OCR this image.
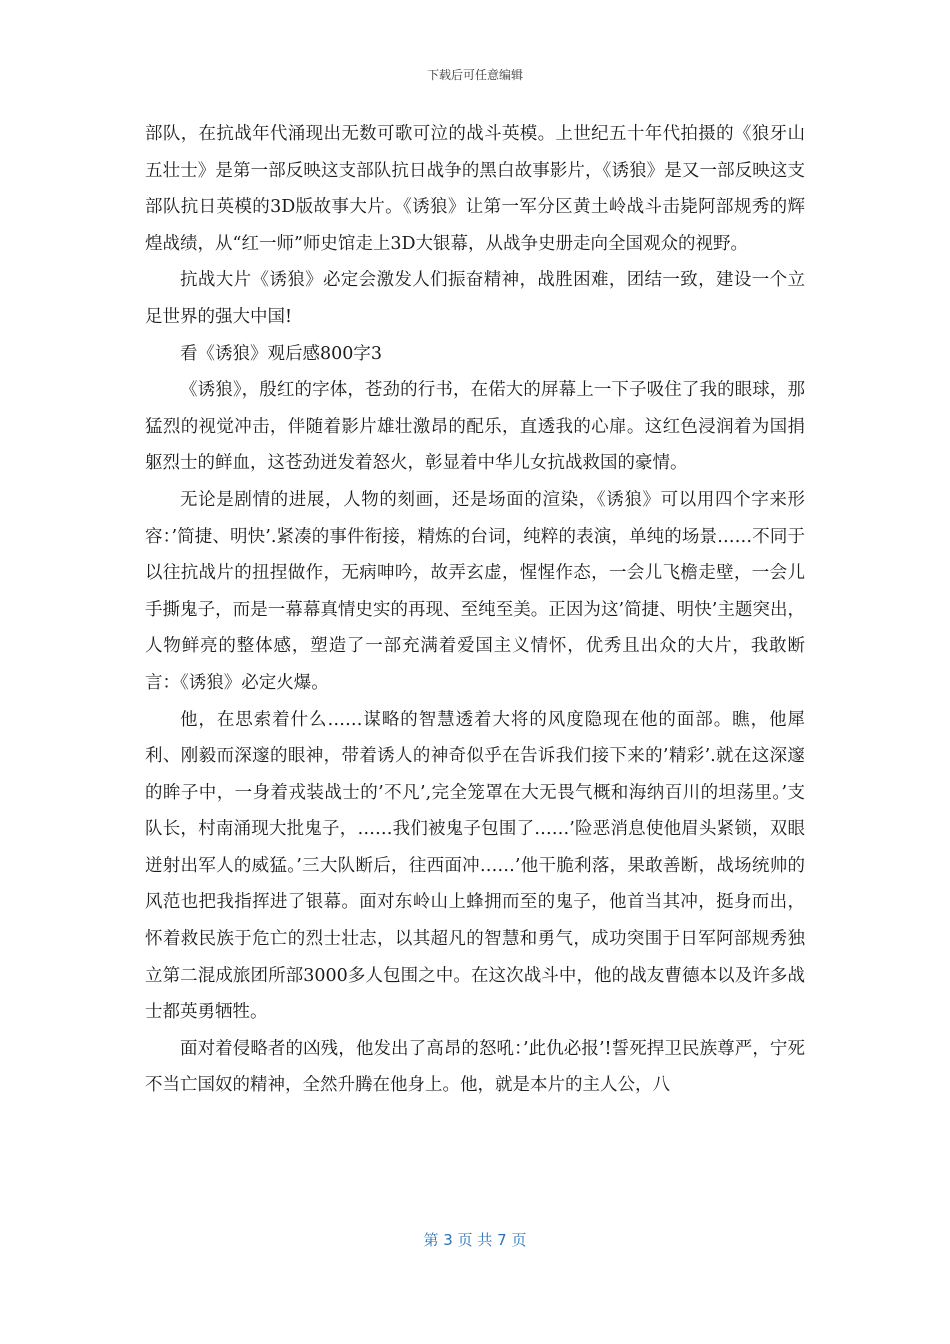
下载后可任意编辑

部队，在抗战年代涌现出无数可歌可泣的战斗英模。上世纪五十年代拍摄的《狼牙山五壮士》是第一部反映这支部队抗日战争的黑白故事影片，《诱狼》是又一部反映这支部队抗日英模的3D版故事大片。《诱狼》让第一军分区黄土岭战斗击毙阿部规秀的辉煌战绩，从“红一师”师史馆走上3D大银幕，从战争史册走向全国观众的视野。

抗战大片《诱狼》必定会激发人们振奋精神，战胜困难，团结一致，建设一个立足世界的强大中国!

看《诱狼》观后感800字3

《诱狼》，殷红的字体，苍劲的行书，在偌大的屏幕上一下子吸住了我的眼球，那猛烈的视觉冲击，伴随着影片雄壮激昂的配乐，直透我的心扉。这红色浸润着为国捐躯烈士的鲜血，这苍劲迸发着怒火，彰显着中华儿女抗战救国的豪情。

无论是剧情的进展，人物的刻画，还是场面的渲染，《诱狼》可以用四个字来形容：’简捷、明快’.紧凑的事件衔接，精炼的台词，纯粹的表演，单纯的场景……不同于以往抗战片的扭捏做作，无病呻吟，故弄玄虚，惺惺作态，一会儿飞檐走壁，一会儿手撕鬼子，而是一幕幕真情史实的再现、至纯至美。正因为这’简捷、明快’主题突出，人物鲜亮的整体感，塑造了一部充满着爱国主义情怀，优秀且出众的大片，我敢断言：《诱狼》必定火爆。

他，在思索着什么……谋略的智慧透着大将的风度隐现在他的面部。瞧，他犀利、刚毅而深邃的眼神，带着诱人的神奇似乎在告诉我们接下来的’精彩’.就在这深邃的眸子中，一身着戎装战士的’不凡’,完全笼罩在大无畏气概和海纳百川的坦荡里。’支队长，村南涌现大批鬼子，……我们被鬼子包围了……’险恶消息使他眉头紧锁，双眼迸射出军人的威猛。’三大队断后，往西面冲……’他干脆利落，果敢善断，战场统帅的风范也把我指挥进了银幕。面对东岭山上蜂拥而至的鬼子，他首当其冲，挺身而出，怀着救民族于危亡的烈士壮志，以其超凡的智慧和勇气，成功突围于日军阿部规秀独立第二混成旅团所部3000多人包围之中。在这次战斗中，他的战友曹德本以及许多战士都英勇牺牲。

面对着侵略者的凶残，他发出了高昂的怒吼：’此仇必报’!誓死捍卫民族尊严，宁死不当亡国奴的精神，全然升腾在他身上。他，就是本片的主人公，八

第 3 页 共 7 页
